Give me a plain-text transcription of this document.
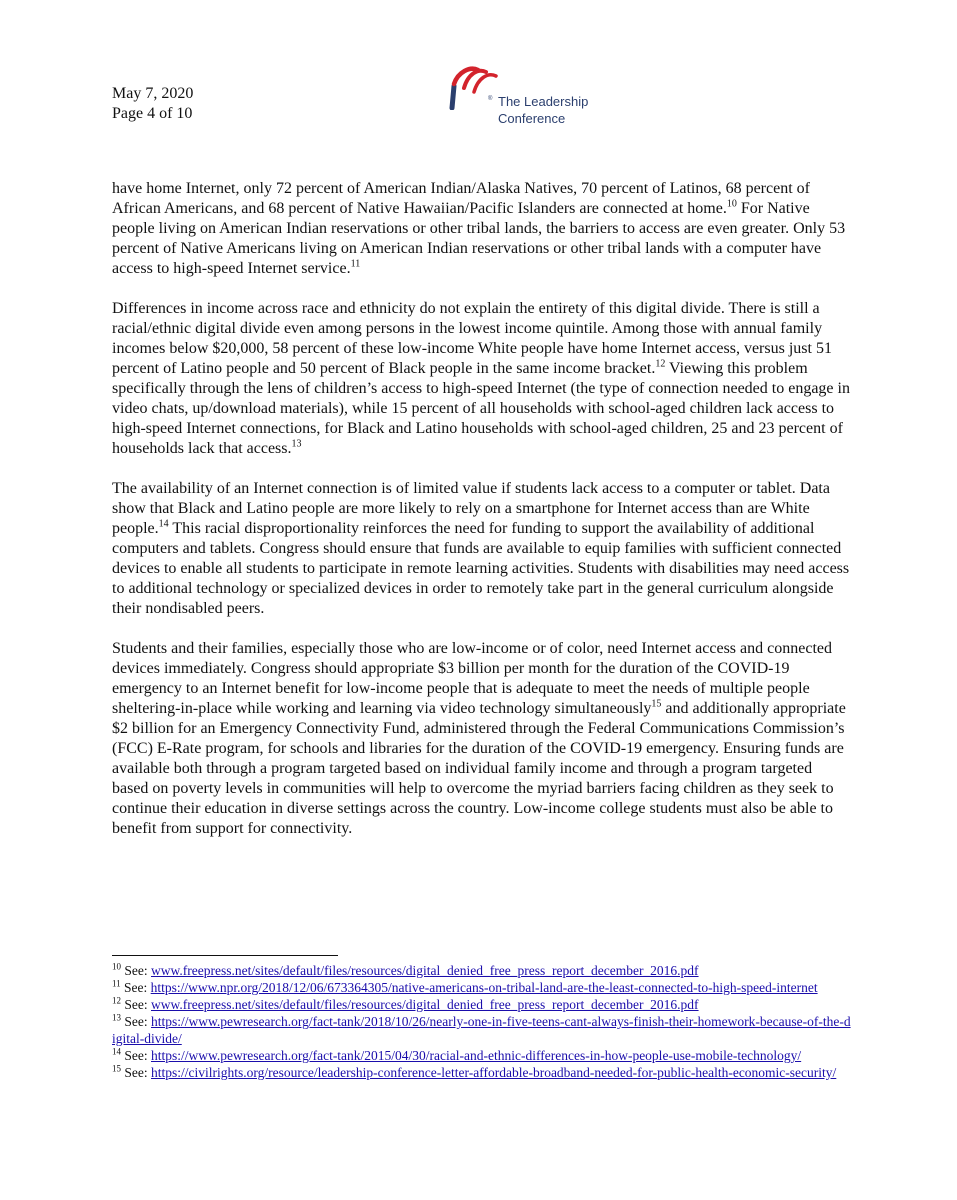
May 7, 2020
Page 4 of 10
® The Leadership
Conference

have home Internet, only 72 percent of American Indian/Alaska Natives, 70 percent of Latinos, 68 percent of African Americans, and 68 percent of Native Hawaiian/Pacific Islanders are connected at home.$^{10}$ For Native people living on American Indian reservations or other tribal lands, the barriers to access are even greater. Only 53 percent of Native Americans living on American Indian reservations or other tribal lands with a computer have access to high-speed Internet service.$^{11}$

Differences in income across race and ethnicity do not explain the entirety of this digital divide. There is still a racial/ethnic digital divide even among persons in the lowest income quintile. Among those with annual family incomes below $20,000, 58 percent of these low-income White people have home Internet access, versus just 51 percent of Latino people and 50 percent of Black people in the same income bracket.$^{12}$ Viewing this problem specifically through the lens of children’s access to high-speed Internet (the type of connection needed to engage in video chats, up/download materials), while 15 percent of all households with school-aged children lack access to high-speed Internet connections, for Black and Latino households with school-aged children, 25 and 23 percent of households lack that access.$^{13}$

The availability of an Internet connection is of limited value if students lack access to a computer or tablet. Data show that Black and Latino people are more likely to rely on a smartphone for Internet access than are White people.$^{14}$ This racial disproportionality reinforces the need for funding to support the availability of additional computers and tablets. Congress should ensure that funds are available to equip families with sufficient connected devices to enable all students to participate in remote learning activities. Students with disabilities may need access to additional technology or specialized devices in order to remotely take part in the general curriculum alongside their nondisabled peers.

Students and their families, especially those who are low-income or of color, need Internet access and connected devices immediately. Congress should appropriate $3 billion per month for the duration of the COVID-19 emergency to an Internet benefit for low-income people that is adequate to meet the needs of multiple people sheltering-in-place while working and learning via video technology simultaneously$^{15}$ and additionally appropriate $2 billion for an Emergency Connectivity Fund, administered through the Federal Communications Commission’s (FCC) E-Rate program, for schools and libraries for the duration of the COVID-19 emergency. Ensuring funds are available both through a program targeted based on individual family income and through a program targeted based on poverty levels in communities will help to overcome the myriad barriers facing children as they seek to continue their education in diverse settings across the country. Low-income college students must also be able to benefit from support for connectivity.

$^{10}$ See: www.freepress.net/sites/default/files/resources/digital_denied_free_press_report_december_2016.pdf

$^{11}$ See: https://www.npr.org/2018/12/06/673364305/native-americans-on-tribal-land-are-the-least-connected-to-high-speed-internet

$^{12}$ See: www.freepress.net/sites/default/files/resources/digital_denied_free_press_report_december_2016.pdf

$^{13}$ See: https://www.pewresearch.org/fact-tank/2018/10/26/nearly-one-in-five-teens-cant-always-finish-their-homework-because-of-the-digital-divide/

$^{14}$ See: https://www.pewresearch.org/fact-tank/2015/04/30/racial-and-ethnic-differences-in-how-people-use-mobile-technology/

$^{15}$ See: https://civilrights.org/resource/leadership-conference-letter-affordable-broadband-needed-for-public-health-economic-security/
